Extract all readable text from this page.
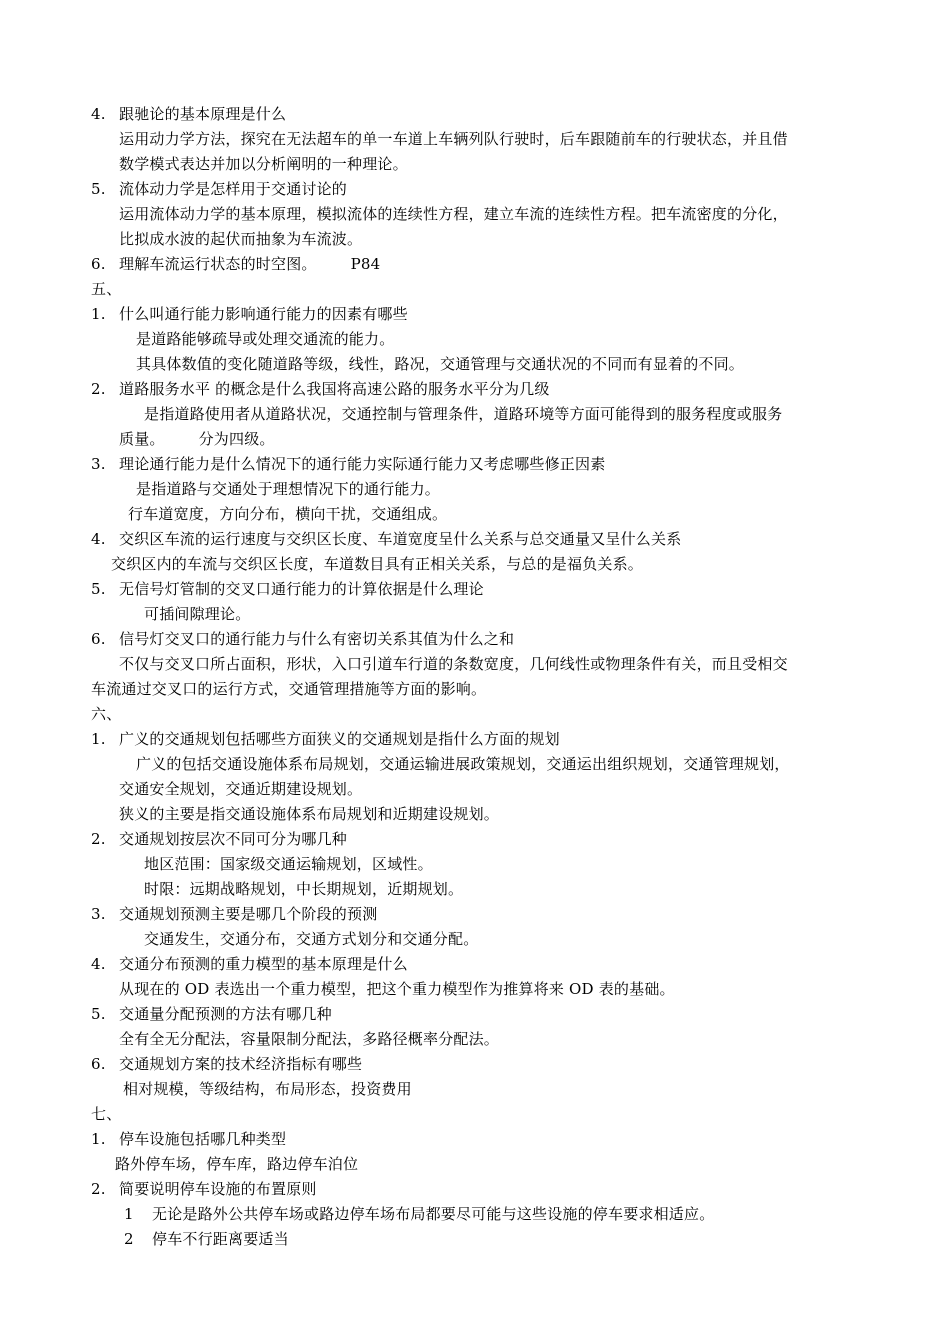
4. 跟驰论的基本原理是什么
运用动力学方法，探究在无法超车的单一车道上车辆列队行驶时，后车跟随前车的行驶状态，并且借
数学模式表达并加以分析阐明的一种理论。
5. 流体动力学是怎样用于交通讨论的
运用流体动力学的基本原理，模拟流体的连续性方程，建立车流的连续性方程。把车流密度的分化，
比拟成水波的起伏而抽象为车流波。
6. 理解车流运行状态的时空图。 P84
五、
1. 什么叫通行能力影响通行能力的因素有哪些
是道路能够疏导或处理交通流的能力。
其具体数值的变化随道路等级，线性，路况，交通管理与交通状况的不同而有显着的不同。
2. 道路服务水平 的概念是什么我国将高速公路的服务水平分为几级
是指道路使用者从道路状况，交通控制与管理条件，道路环境等方面可能得到的服务程度或服务
质量。 分为四级。
3. 理论通行能力是什么情况下的通行能力实际通行能力又考虑哪些修正因素
是指道路与交通处于理想情况下的通行能力。
行车道宽度，方向分布，横向干扰，交通组成。
4. 交织区车流的运行速度与交织区长度、车道宽度呈什么关系与总交通量又呈什么关系
交织区内的车流与交织区长度，车道数目具有正相关关系，与总的是福负关系。
5. 无信号灯管制的交叉口通行能力的计算依据是什么理论
可插间隙理论。
6. 信号灯交叉口的通行能力与什么有密切关系其值为什么之和
不仅与交叉口所占面积，形状，入口引道车行道的条数宽度，几何线性或物理条件有关，而且受相交
车流通过交叉口的运行方式，交通管理措施等方面的影响。
六、
1. 广义的交通规划包括哪些方面狭义的交通规划是指什么方面的规划
广义的包括交通设施体系布局规划，交通运输进展政策规划，交通运出组织规划，交通管理规划，
交通安全规划，交通近期建设规划。
狭义的主要是指交通设施体系布局规划和近期建设规划。
2. 交通规划按层次不同可分为哪几种
地区范围：国家级交通运输规划，区域性。
时限：远期战略规划，中长期规划，近期规划。
3. 交通规划预测主要是哪几个阶段的预测
交通发生，交通分布，交通方式划分和交通分配。
4. 交通分布预测的重力模型的基本原理是什么
从现在的 OD 表选出一个重力模型，把这个重力模型作为推算将来 OD 表的基础。
5. 交通量分配预测的方法有哪几种
全有全无分配法，容量限制分配法，多路径概率分配法。
6. 交通规划方案的技术经济指标有哪些
相对规模，等级结构，布局形态，投资费用
七、
1. 停车设施包括哪几种类型
路外停车场，停车库，路边停车泊位
2. 简要说明停车设施的布置原则
1 无论是路外公共停车场或路边停车场布局都要尽可能与这些设施的停车要求相适应。
2 停车不行距离要适当
